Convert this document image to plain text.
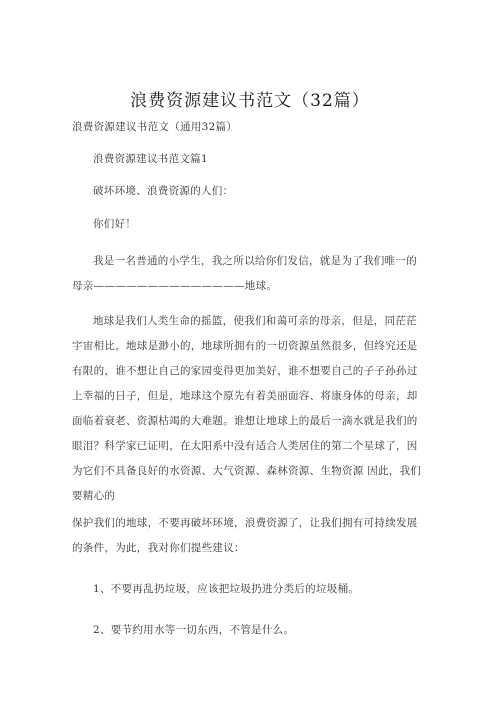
浪费资源建议书范文（32篇）
浪费资源建议书范文（通用32篇）
浪费资源建议书范文篇1
破坏环境、浪费资源的人们：
你们好！
我是一名普通的小学生，我之所以给你们发信，就是为了我们唯一的
母亲——————————————地球。
地球是我们人类生命的摇篮，使我们和蔼可亲的母亲，但是，同茫茫
宇宙相比，地球是渺小的，地球所拥有的一切资源虽然很多，但终究还是
有限的，谁不想让自己的家园变得更加美好，谁不想要自己的子子孙孙过
上幸福的日子，但是，地球这个原先有着美丽面容、将康身体的母亲，却
面临着衰老、资源枯竭的大难题。谁想让地球上的最后一滴水就是我们的
眼泪？科学家已证明，在太阳系中没有适合人类居住的第二个星球了，因
为它们不具备良好的水资源、大气资源、森林资源、生物资源 因此，我们
要精心的
保护我们的地球，不要再破坏环境，浪费资源了，让我们拥有可持续发展
的条件，为此，我对你们提些建议：
1、不要再乱扔垃圾，应该把垃圾扔进分类后的垃圾桶。
2、要节约用水等一切东西，不管是什么。
